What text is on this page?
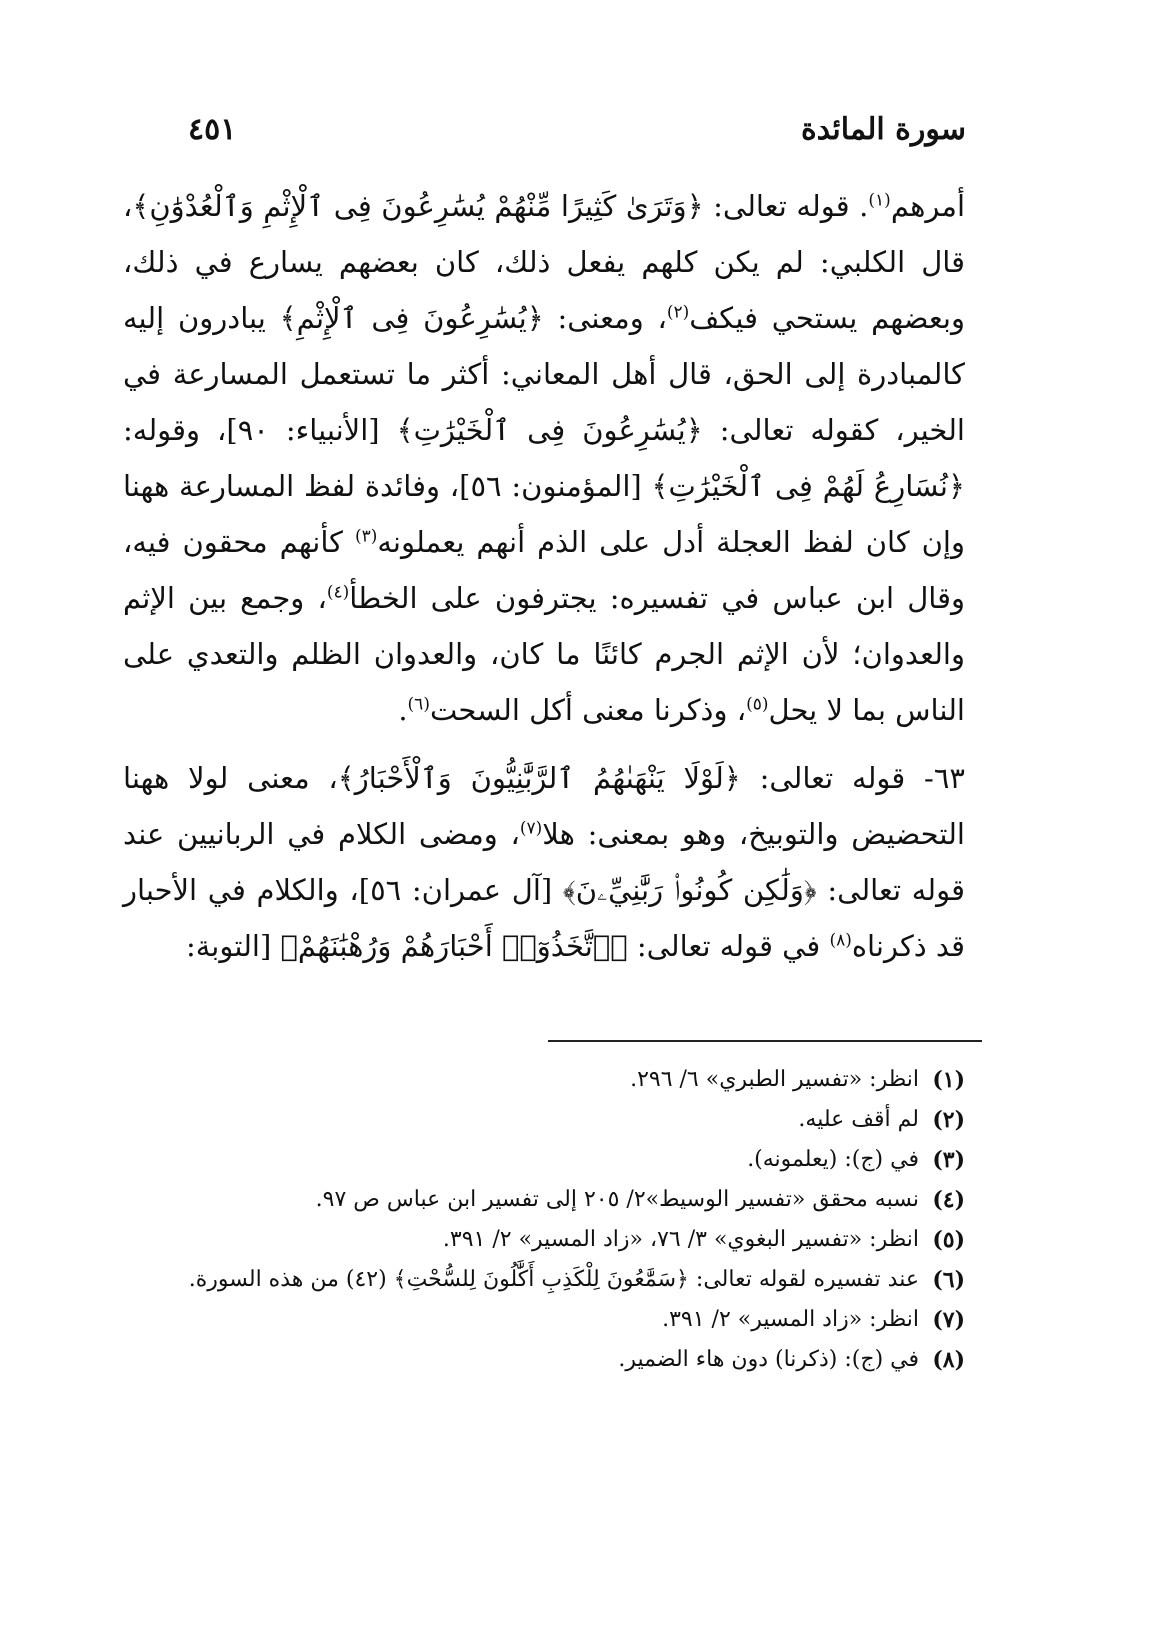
سورة المائدة
٤٥١

أمرهم$^{(١)}$. قوله تعالى: ﴿وَتَرَىٰ كَثِيرًا مِّنْهُمْ يُسَٰرِعُونَ فِى ٱلْإِثْمِ وَٱلْعُدْوَٰنِ﴾، قال الكلبي: لم يكن كلهم يفعل ذلك، كان بعضهم يسارع في ذلك، وبعضهم يستحي فيكف$^{(٢)}$، ومعنى: ﴿يُسَٰرِعُونَ فِى ٱلْإِثْمِ﴾ يبادرون إليه كالمبادرة إلى الحق، قال أهل المعاني: أكثر ما تستعمل المسارعة في الخير، كقوله تعالى: ﴿يُسَٰرِعُونَ فِى ٱلْخَيْرَٰتِ﴾ [الأنبياء: ٩٠]، وقوله: ﴿نُسَارِعُ لَهُمْ فِى ٱلْخَيْرَٰتِ﴾ [المؤمنون: ٥٦]، وفائدة لفظ المسارعة ههنا وإن كان لفظ العجلة أدل على الذم أنهم يعملونه$^{(٣)}$ كأنهم محقون فيه، وقال ابن عباس في تفسيره: يجترفون على الخطأ$^{(٤)}$، وجمع بين الإثم والعدوان؛ لأن الإثم الجرم كائنًا ما كان، والعدوان الظلم والتعدي على الناس بما لا يحل$^{(٥)}$، وذكرنا معنى أكل السحت$^{(٦)}$.

٦٣- قوله تعالى: ﴿لَوْلَا يَنْهَىٰهُمُ ٱلرَّبَّٰنِيُّونَ وَٱلْأَحْبَارُ﴾، معنى لولا ههنا التحضيض والتوبيخ، وهو بمعنى: هلا$^{(٧)}$، ومضى الكلام في الربانيين عند قوله تعالى: ﴿وَلَٰكِن كُونُوا۟ رَبَّٰنِيِّۦنَ﴾ [آل عمران: ٥٦]، والكلام في الأحبار قد ذكرناه$^{(٨)}$ في قوله تعالى: ﴿ٱتَّخَذُوٓا۟ أَحْبَارَهُمْ وَرُهْبَٰنَهُمْ﴾ [التوبة:

(١)
انظر: «تفسير الطبري» ٦/ ٢٩٦.
(٢)
لم أقف عليه.
(٣)
في (ج): (يعلمونه).
(٤)
نسبه محقق «تفسير الوسيط»٢/ ٢٠٥ إلى تفسير ابن عباس ص ٩٧.
(٥)
انظر: «تفسير البغوي» ٣/ ٧٦، «زاد المسير» ٢/ ٣٩١.
(٦)
عند تفسيره لقوله تعالى: ﴿سَمَّٰعُونَ لِلْكَذِبِ أَكَّٰلُونَ لِلسُّحْتِ﴾ (٤٢) من هذه السورة.
(٧)
انظر: «زاد المسير» ٢/ ٣٩١.
(٨)
في (ج): (ذكرنا) دون هاء الضمير.
